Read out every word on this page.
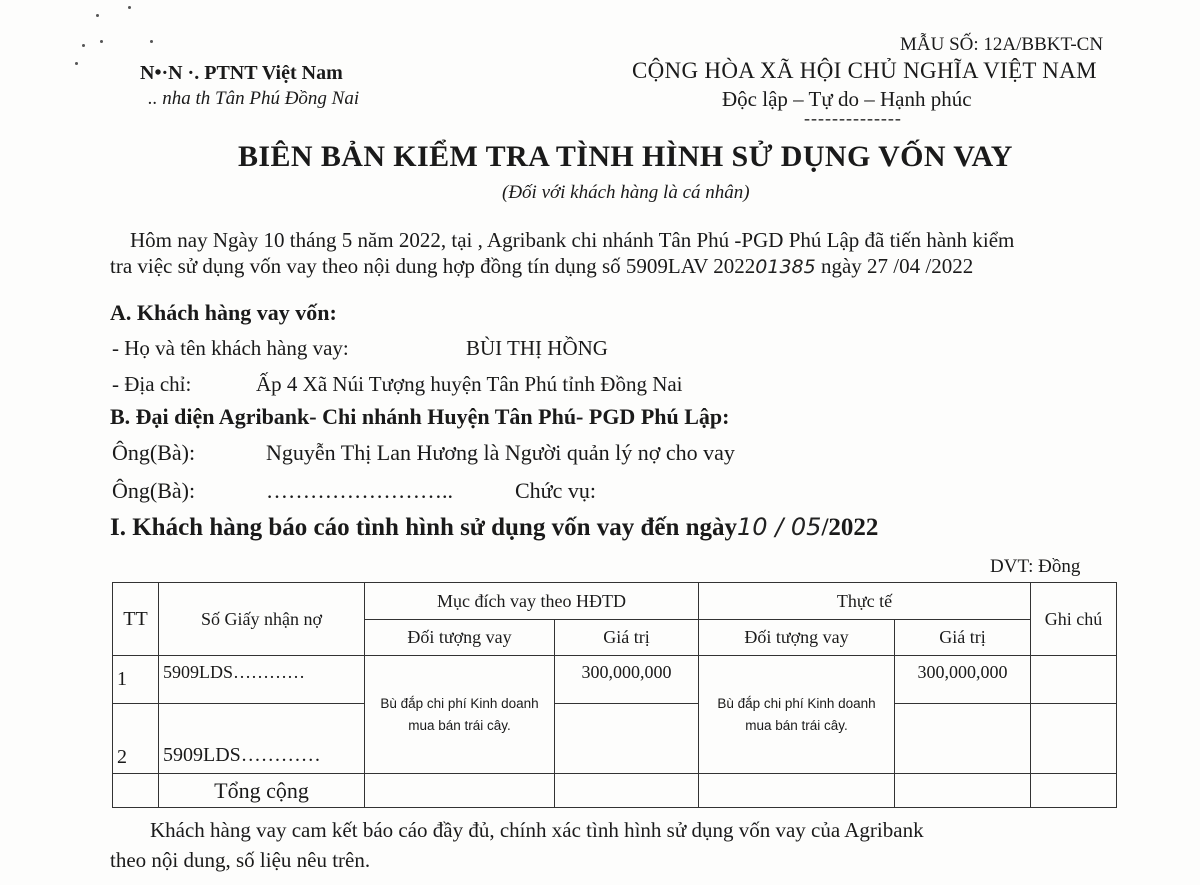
MẪU SỐ: 12A/BBKT-CN
N•·N ·. PTNT Việt Nam
.. nha th Tân Phú Đồng Nai
CỘNG HÒA XÃ HỘI CHỦ NGHĨA VIỆT NAM
Độc lập – Tự do – Hạnh phúc
--------------
BIÊN BẢN KIỂM TRA TÌNH HÌNH SỬ DỤNG VỐN VAY
(Đối với khách hàng là cá nhân)
Hôm nay Ngày 10 tháng 5 năm 2022, tại , Agribank chi nhánh Tân Phú -PGD Phú Lập đã tiến hành kiểm
tra việc sử dụng vốn vay theo nội dung hợp đồng tín dụng số 5909LAV 202201385 ngày 27 /04 /2022
A. Khách hàng vay vốn:
- Họ và tên khách hàng vay:	BÙI THỊ HỒNG
- Địa chỉ:	Ấp 4 Xã Núi Tượng huyện Tân Phú tỉnh Đồng Nai
B. Đại diện Agribank- Chi nhánh Huyện Tân Phú- PGD Phú Lập:
Ông(Bà):	Nguyễn Thị Lan Hương là Người quản lý nợ cho vay
Ông(Bà):	……………………..	Chức vụ:
I. Khách hàng báo cáo tình hình sử dụng vốn vay đến ngày10 / 05/2022
DVT: Đồng
TT	Số Giấy nhận nợ	Mục đích vay theo HĐTD		Thực tế		Ghi chú
		Đối tượng vay	Giá trị	Đối tượng vay	Giá trị	
1	5909LDS…………	Bù đắp chi phí Kinh doanh mua bán trái cây.	300,000,000	Bù đắp chi phí Kinh doanh mua bán trái cây.	300,000,000	
2	5909LDS…………					
	Tổng cộng					
Khách hàng vay cam kết báo cáo đầy đủ, chính xác tình hình sử dụng vốn vay của Agribank
theo nội dung, số liệu nêu trên.
